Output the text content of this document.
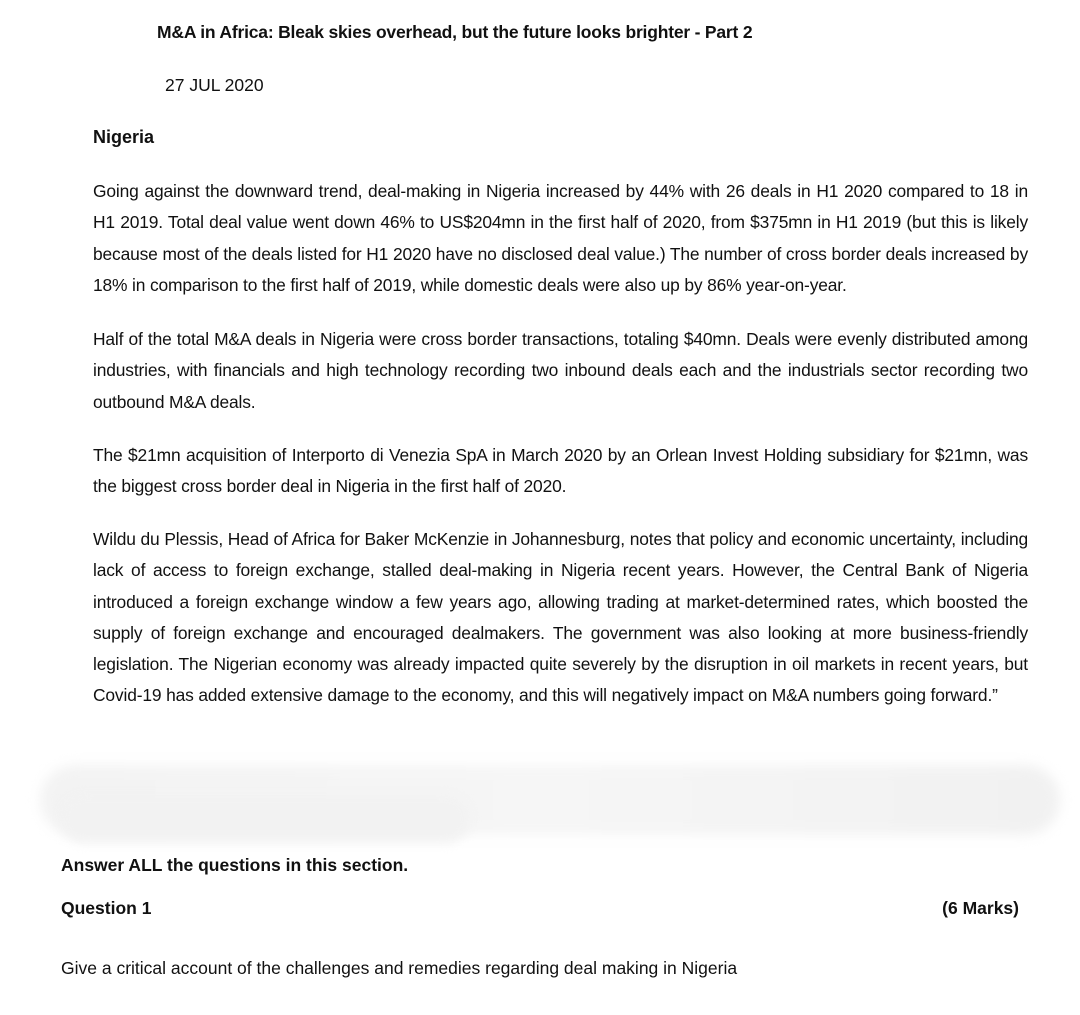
M&A in Africa: Bleak skies overhead, but the future looks brighter - Part 2
27 JUL 2020
Nigeria

Going against the downward trend, deal-making in Nigeria increased by 44% with 26 deals in H1 2020 compared to 18 in H1 2019. Total deal value went down 46% to US$204mn in the first half of 2020, from $375mn in H1 2019 (but this is likely because most of the deals listed for H1 2020 have no disclosed deal value.) The number of cross border deals increased by 18% in comparison to the first half of 2019, while domestic deals were also up by 86% year-on-year.

Half of the total M&A deals in Nigeria were cross border transactions, totaling $40mn. Deals were evenly distributed among industries, with financials and high technology recording two inbound deals each and the industrials sector recording two outbound M&A deals.

The $21mn acquisition of Interporto di Venezia SpA in March 2020 by an Orlean Invest Holding subsidiary for $21mn, was the biggest cross border deal in Nigeria in the first half of 2020.

Wildu du Plessis, Head of Africa for Baker McKenzie in Johannesburg, notes that policy and economic uncertainty, including lack of access to foreign exchange, stalled deal-making in Nigeria recent years. However, the Central Bank of Nigeria introduced a foreign exchange window a few years ago, allowing trading at market-determined rates, which boosted the supply of foreign exchange and encouraged dealmakers. The government was also looking at more business-friendly legislation. The Nigerian economy was already impacted quite severely by the disruption in oil markets in recent years, but Covid-19 has added extensive damage to the economy, and this will negatively impact on M&A numbers going forward.”

Answer ALL the questions in this section.
Question 1	(6 Marks)
Give a critical account of the challenges and remedies regarding deal making in Nigeria
